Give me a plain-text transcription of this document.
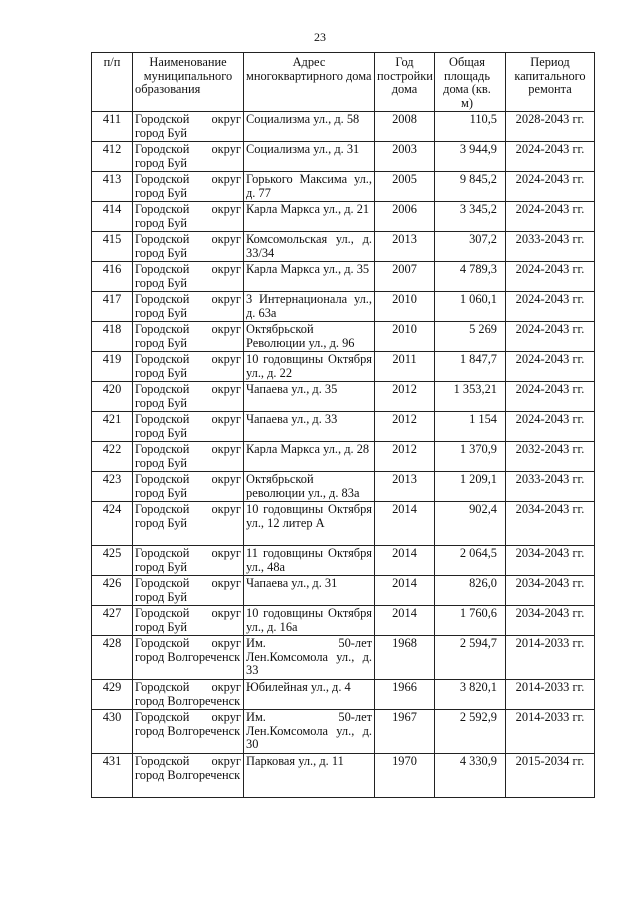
23
п/п	Наименование муниципального образования	Адрес многоквартирного дома	Год постройки дома	Общая площадь дома (кв. м)	Период капитального ремонта
411	Городской округ город Буй	Социализма ул., д. 58	2008	110,5	2028-2043 гг.
412	Городской округ город Буй	Социализма ул., д. 31	2003	3 944,9	2024-2043 гг.
413	Городской округ город Буй	Горького Максима ул., д. 77	2005	9 845,2	2024-2043 гг.
414	Городской округ город Буй	Карла Маркса ул., д. 21	2006	3 345,2	2024-2043 гг.
415	Городской округ город Буй	Комсомольская ул., д. 33/34	2013	307,2	2033-2043 гг.
416	Городской округ город Буй	Карла Маркса ул., д. 35	2007	4 789,3	2024-2043 гг.
417	Городской округ город Буй	3 Интернационала ул., д. 63а	2010	1 060,1	2024-2043 гг.
418	Городской округ город Буй	Октябрьской Революции ул., д. 96	2010	5 269	2024-2043 гг.
419	Городской округ город Буй	10 годовщины Октября ул., д. 22	2011	1 847,7	2024-2043 гг.
420	Городской округ город Буй	Чапаева ул., д. 35	2012	1 353,21	2024-2043 гг.
421	Городской округ город Буй	Чапаева ул., д. 33	2012	1 154	2024-2043 гг.
422	Городской округ город Буй	Карла Маркса ул., д. 28	2012	1 370,9	2032-2043 гг.
423	Городской округ город Буй	Октябрьской революции ул., д. 83а	2013	1 209,1	2033-2043 гг.
424	Городской округ город Буй	10 годовщины Октября ул., 12 литер А	2014	902,4	2034-2043 гг.
425	Городской округ город Буй	11 годовщины Октября ул., 48а	2014	2 064,5	2034-2043 гг.
426	Городской округ город Буй	Чапаева ул., д. 31	2014	826,0	2034-2043 гг.
427	Городской округ город Буй	10 годовщины Октября ул., д. 16а	2014	1 760,6	2034-2043 гг.
428	Городской округ город Волгореченск	Им. 50-лет Лен.Комсомола ул., д. 33	1968	2 594,7	2014-2033 гг.
429	Городской округ город Волгореченск	Юбилейная ул., д. 4	1966	3 820,1	2014-2033 гг.
430	Городской округ город Волгореченск	Им. 50-лет Лен.Комсомола ул., д. 30	1967	2 592,9	2014-2033 гг.
431	Городской округ город Волгореченск	Парковая ул., д. 11	1970	4 330,9	2015-2034 гг.
